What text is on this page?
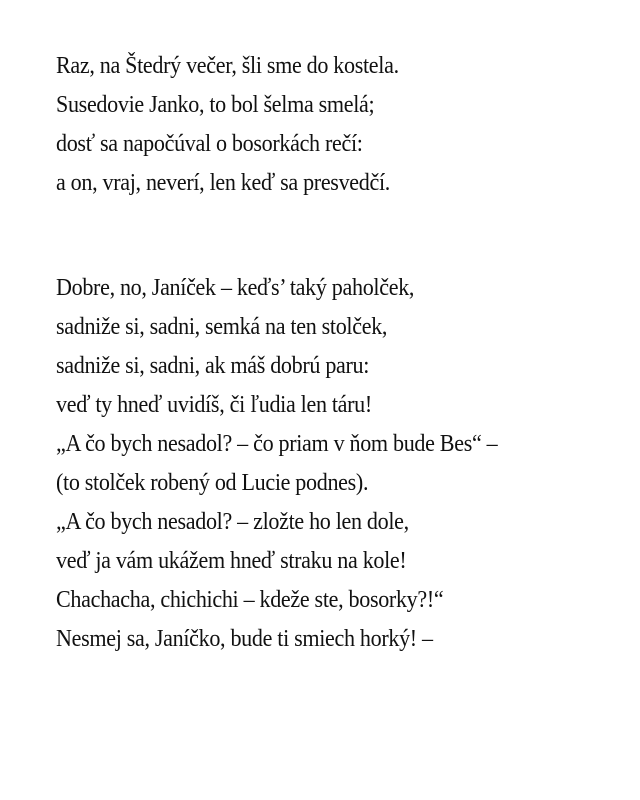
Raz, na Štedrý večer, šli sme do kostela.
Susedovie Janko, to bol šelma smelá;
dosť sa napočúval o bosorkách rečí:
a on, vraj, neverí, len keď sa presvedčí.
Dobre, no, Janíček – keďs’ taký paholček,
sadniže si, sadni, semká na ten stolček,
sadniže si, sadni, ak máš dobrú paru:
veď ty hneď uvidíš, či ľudia len táru!
„A čo bych nesadol? – čo priam v ňom bude Bes“ –
(to stolček robený od Lucie podnes).
„A čo bych nesadol? – zložte ho len dole,
veď ja vám ukážem hneď straku na kole!
Chachacha, chichichi – kdeže ste, bosorky?!“
Nesmej sa, Janíčko, bude ti smiech horký! –
